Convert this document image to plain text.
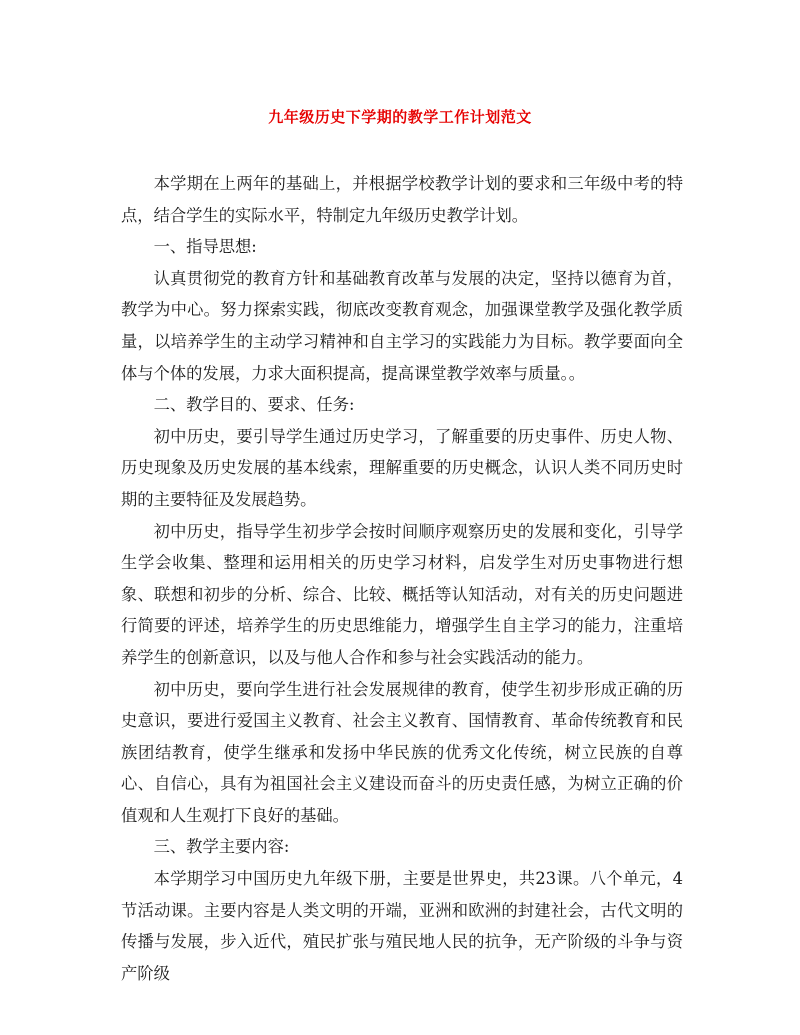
九年级历史下学期的教学工作计划范文

本学期在上两年的基础上，并根据学校教学计划的要求和三年级中考的特点，结合学生的实际水平，特制定九年级历史教学计划。

一、指导思想:

认真贯彻党的教育方针和基础教育改革与发展的决定，坚持以德育为首，教学为中心。努力探索实践，彻底改变教育观念，加强课堂教学及强化教学质量，以培养学生的主动学习精神和自主学习的实践能力为目标。教学要面向全体与个体的发展，力求大面积提高，提高课堂教学效率与质量。。

二、教学目的、要求、任务:

初中历史，要引导学生通过历史学习，了解重要的历史事件、历史人物、历史现象及历史发展的基本线索，理解重要的历史概念，认识人类不同历史时期的主要特征及发展趋势。

初中历史，指导学生初步学会按时间顺序观察历史的发展和变化，引导学生学会收集、整理和运用相关的历史学习材料，启发学生对历史事物进行想象、联想和初步的分析、综合、比较、概括等认知活动，对有关的历史问题进行简要的评述，培养学生的历史思维能力，增强学生自主学习的能力，注重培养学生的创新意识，以及与他人合作和参与社会实践活动的能力。

初中历史，要向学生进行社会发展规律的教育，使学生初步形成正确的历史意识，要进行爱国主义教育、社会主义教育、国情教育、革命传统教育和民族团结教育，使学生继承和发扬中华民族的优秀文化传统，树立民族的自尊心、自信心，具有为祖国社会主义建设而奋斗的历史责任感，为树立正确的价值观和人生观打下良好的基础。

三、教学主要内容:

本学期学习中国历史九年级下册，主要是世界史，共23课。八个单元，4节活动课。主要内容是人类文明的开端，亚洲和欧洲的封建社会，古代文明的传播与发展，步入近代，殖民扩张与殖民地人民的抗争，无产阶级的斗争与资产阶级
